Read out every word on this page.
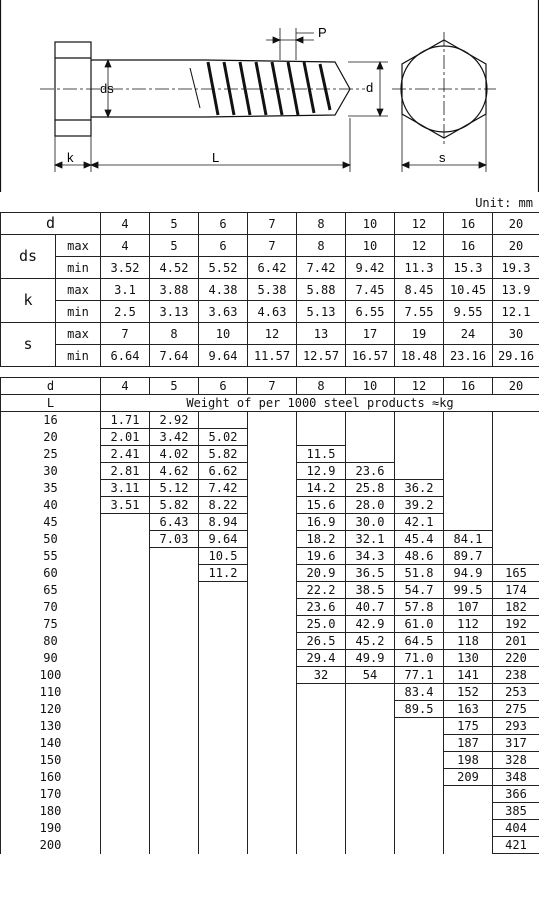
ds	d
P
k	L	s
Unit: mm
d		4	5	6	7	8	10	12	16	20
ds	max	4	5	6	7	8	10	12	16	20
	min	3.52	4.52	5.52	6.42	7.42	9.42	11.3	15.3	19.3
k	max	3.1	3.88	4.38	5.38	5.88	7.45	8.45	10.45	13.9
	min	2.5	3.13	3.63	4.63	5.13	6.55	7.55	9.55	12.1
s	max	7	8	10	12	13	17	19	24	30
	min	6.64	7.64	9.64	11.57	12.57	16.57	18.48	23.16	29.16
d	4	5	6	7	8	10	12	16	20
L	Weight of per 1000 steel products ≈kg								
16	1.71	2.92							
20	2.01	3.42	5.02						
25	2.41	4.02	5.82		11.5				
30	2.81	4.62	6.62		12.9	23.6			
35	3.11	5.12	7.42		14.2	25.8	36.2		
40	3.51	5.82	8.22		15.6	28.0	39.2		
45		6.43	8.94		16.9	30.0	42.1		
50		7.03	9.64		18.2	32.1	45.4	84.1	
55			10.5		19.6	34.3	48.6	89.7	
60			11.2		20.9	36.5	51.8	94.9	165
65					22.2	38.5	54.7	99.5	174
70					23.6	40.7	57.8	107	182
75					25.0	42.9	61.0	112	192
80					26.5	45.2	64.5	118	201
90					29.4	49.9	71.0	130	220
100					32	54	77.1	141	238
110							83.4	152	253
120							89.5	163	275
130								175	293
140								187	317
150								198	328
160								209	348
170									366
180									385
190									404
200									421
